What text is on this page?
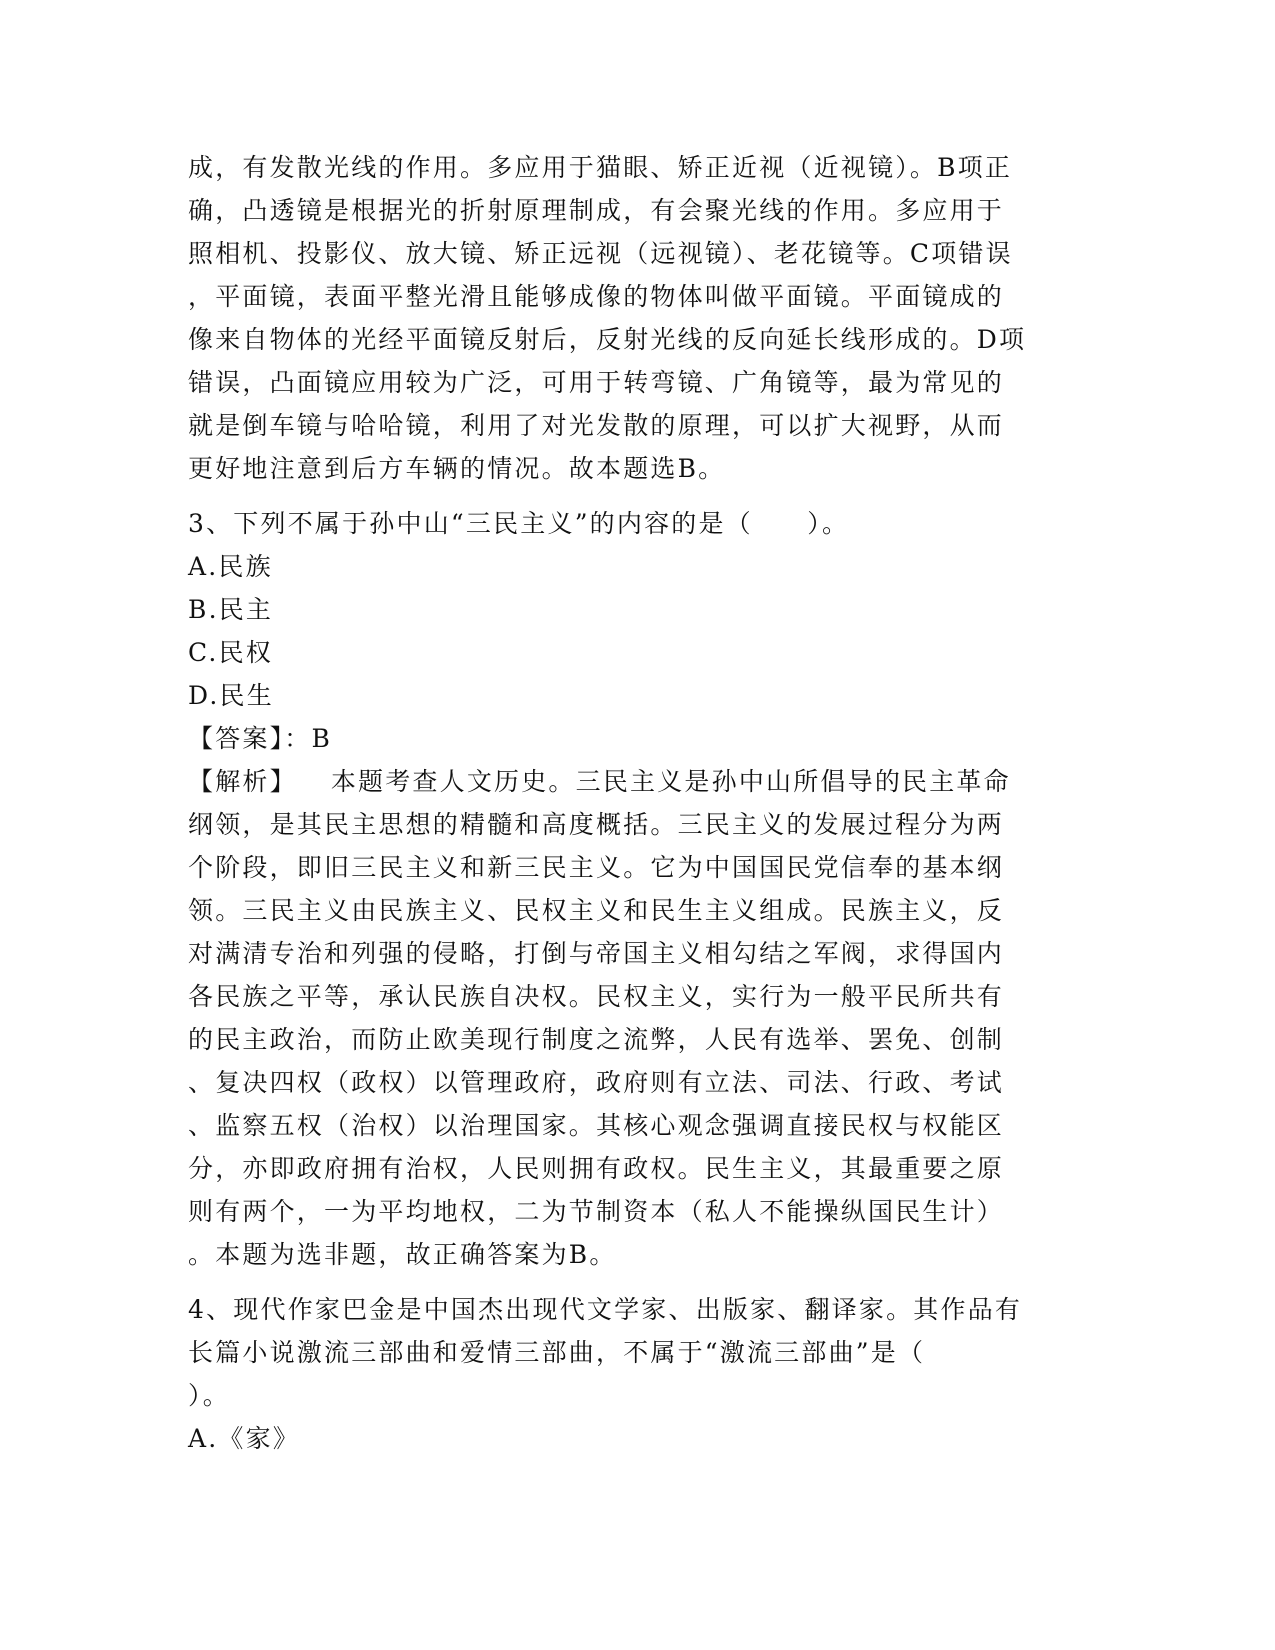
成，有发散光线的作用。多应用于猫眼、矫正近视（近视镜）。B项正
确，凸透镜是根据光的折射原理制成，有会聚光线的作用。多应用于
照相机、投影仪、放大镜、矫正远视（远视镜）、老花镜等。C项错误
，平面镜，表面平整光滑且能够成像的物体叫做平面镜。平面镜成的
像来自物体的光经平面镜反射后，反射光线的反向延长线形成的。D项
错误，凸面镜应用较为广泛，可用于转弯镜、广角镜等，最为常见的
就是倒车镜与哈哈镜，利用了对光发散的原理，可以扩大视野，从而
更好地注意到后方车辆的情况。故本题选B。
3、下列不属于孙中山“三民主义”的内容的是（　　）。
A.民族
B.民主
C.民权
D.民生
【答案】：B
【解析】 本题考查人文历史。三民主义是孙中山所倡导的民主革命
纲领，是其民主思想的精髓和高度概括。三民主义的发展过程分为两
个阶段，即旧三民主义和新三民主义。它为中国国民党信奉的基本纲
领。三民主义由民族主义、民权主义和民生主义组成。民族主义，反
对满清专治和列强的侵略，打倒与帝国主义相勾结之军阀，求得国内
各民族之平等，承认民族自决权。民权主义，实行为一般平民所共有
的民主政治，而防止欧美现行制度之流弊，人民有选举、罢免、创制
、复决四权（政权）以管理政府，政府则有立法、司法、行政、考试
、监察五权（治权）以治理国家。其核心观念强调直接民权与权能区
分，亦即政府拥有治权，人民则拥有政权。民生主义，其最重要之原
则有两个，一为平均地权，二为节制资本（私人不能操纵国民生计）
。本题为选非题，故正确答案为B。
4、现代作家巴金是中国杰出现代文学家、出版家、翻译家。其作品有
长篇小说激流三部曲和爱情三部曲，不属于“激流三部曲”是（
）。
A.《家》
